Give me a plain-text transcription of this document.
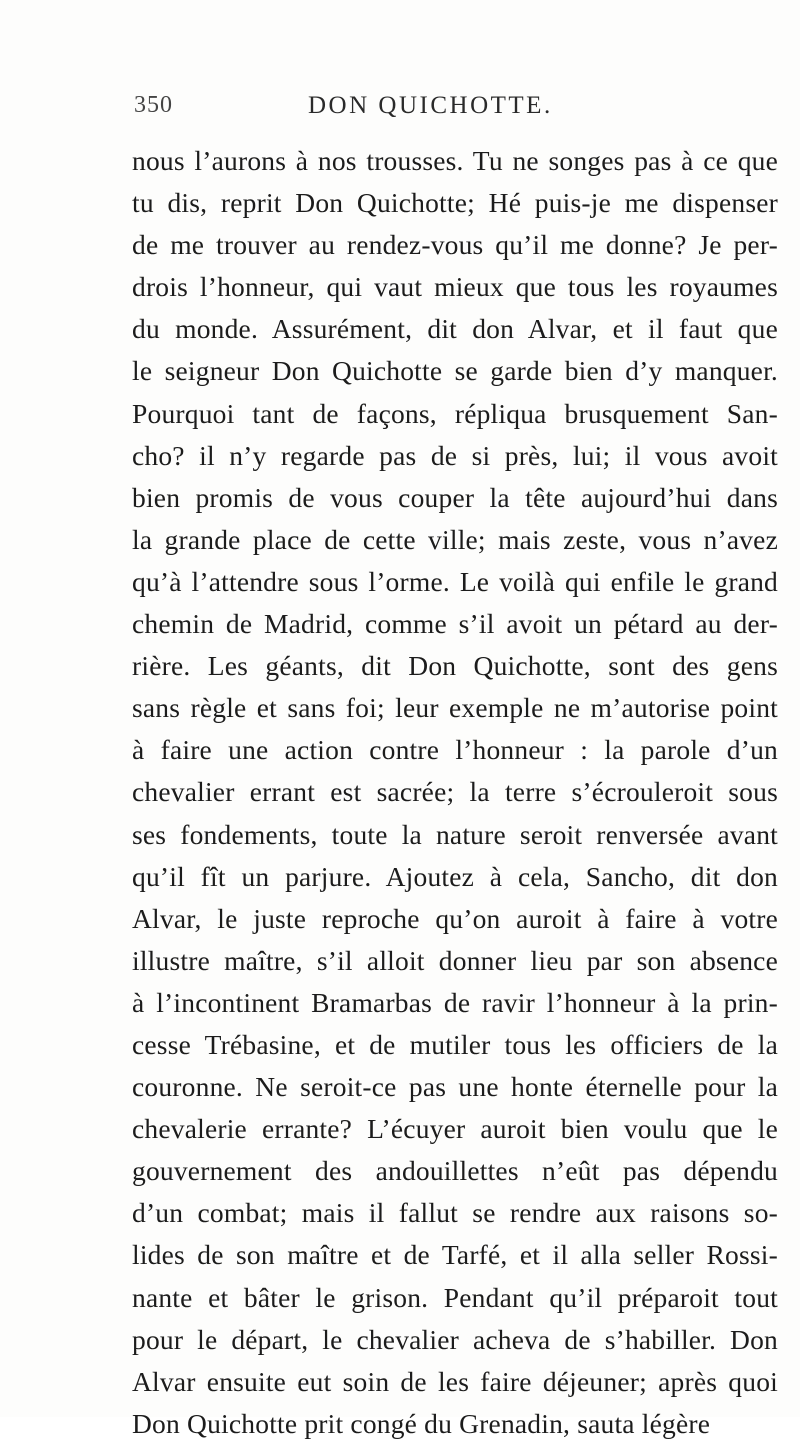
350	DON QUICHOTTE.
nous l’aurons à nos trousses. Tu ne songes pas à ce que
tu dis, reprit Don Quichotte; Hé puis-je me dispenser
de me trouver au rendez-vous qu’il me donne? Je per-
drois l’honneur, qui vaut mieux que tous les royaumes
du monde. Assurément, dit don Alvar, et il faut que
le seigneur Don Quichotte se garde bien d’y manquer.
Pourquoi tant de façons, répliqua brusquement San-
cho? il n’y regarde pas de si près, lui; il vous avoit
bien promis de vous couper la tête aujourd’hui dans
la grande place de cette ville; mais zeste, vous n’avez
qu’à l’attendre sous l’orme. Le voilà qui enfile le grand
chemin de Madrid, comme s’il avoit un pétard au der-
rière. Les géants, dit Don Quichotte, sont des gens
sans règle et sans foi; leur exemple ne m’autorise point
à faire une action contre l’honneur : la parole d’un
chevalier errant est sacrée; la terre s’écrouleroit sous
ses fondements, toute la nature seroit renversée avant
qu’il fît un parjure. Ajoutez à cela, Sancho, dit don
Alvar, le juste reproche qu’on auroit à faire à votre
illustre maître, s’il alloit donner lieu par son absence
à l’incontinent Bramarbas de ravir l’honneur à la prin-
cesse Trébasine, et de mutiler tous les officiers de la
couronne. Ne seroit-ce pas une honte éternelle pour la
chevalerie errante? L’écuyer auroit bien voulu que le
gouvernement des andouillettes n’eût pas dépendu
d’un combat; mais il fallut se rendre aux raisons so-
lides de son maître et de Tarfé, et il alla seller Rossi-
nante et bâter le grison. Pendant qu’il préparoit tout
pour le départ, le chevalier acheva de s’habiller. Don
Alvar ensuite eut soin de les faire déjeuner; après quoi
Don Quichotte prit congé du Grenadin, sauta légère
